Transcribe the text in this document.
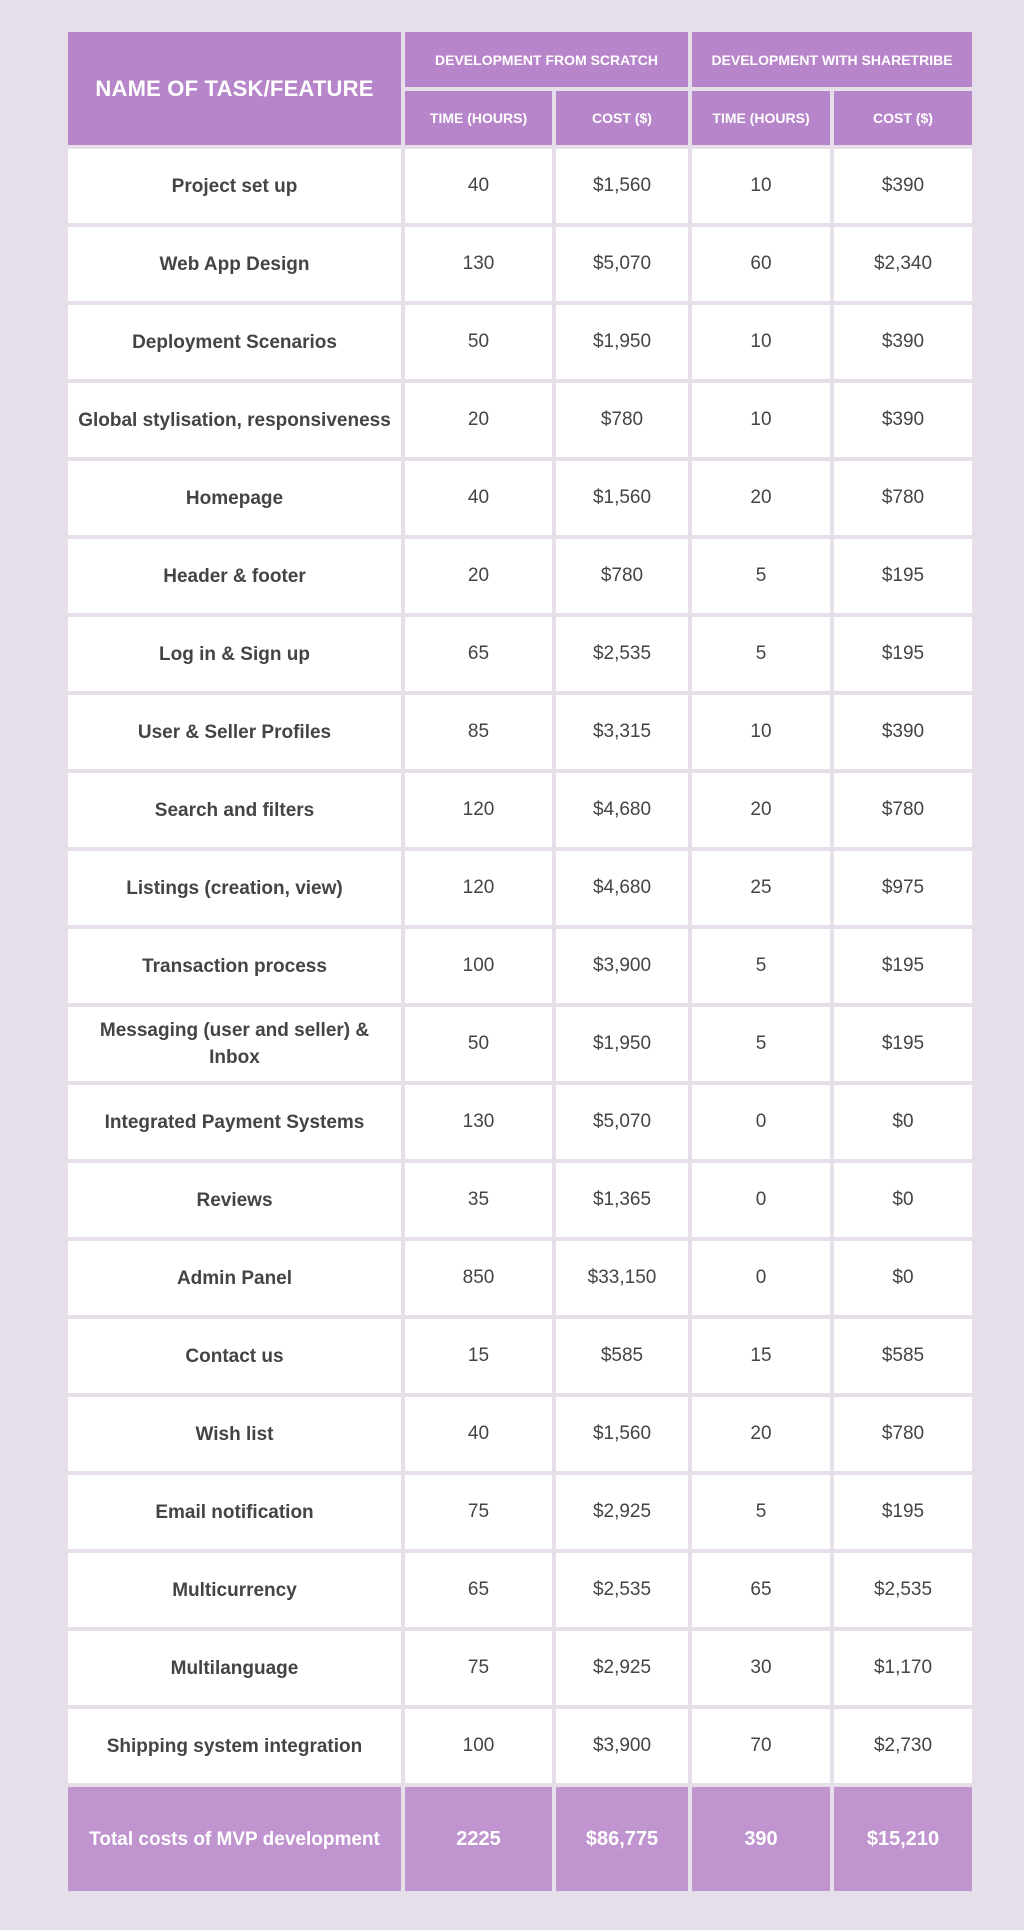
NAME OF TASK/FEATURE	DEVELOPMENT FROM SCRATCH		DEVELOPMENT WITH SHARETRIBE	
	TIME (HOURS)	COST ($)	TIME (HOURS)	COST ($)
Project set up	40	$1,560	10	$390
Web App Design	130	$5,070	60	$2,340
Deployment Scenarios	50	$1,950	10	$390
Global stylisation, responsiveness	20	$780	10	$390
Homepage	40	$1,560	20	$780
Header & footer	20	$780	5	$195
Log in & Sign up	65	$2,535	5	$195
User & Seller Profiles	85	$3,315	10	$390
Search and filters	120	$4,680	20	$780
Listings (creation, view)	120	$4,680	25	$975
Transaction process	100	$3,900	5	$195
Messaging (user and seller) & Inbox	50	$1,950	5	$195
Integrated Payment Systems	130	$5,070	0	$0
Reviews	35	$1,365	0	$0
Admin Panel	850	$33,150	0	$0
Contact us	15	$585	15	$585
Wish list	40	$1,560	20	$780
Email notification	75	$2,925	5	$195
Multicurrency	65	$2,535	65	$2,535
Multilanguage	75	$2,925	30	$1,170
Shipping system integration	100	$3,900	70	$2,730
Total costs of MVP development	2225	$86,775	390	$15,210
